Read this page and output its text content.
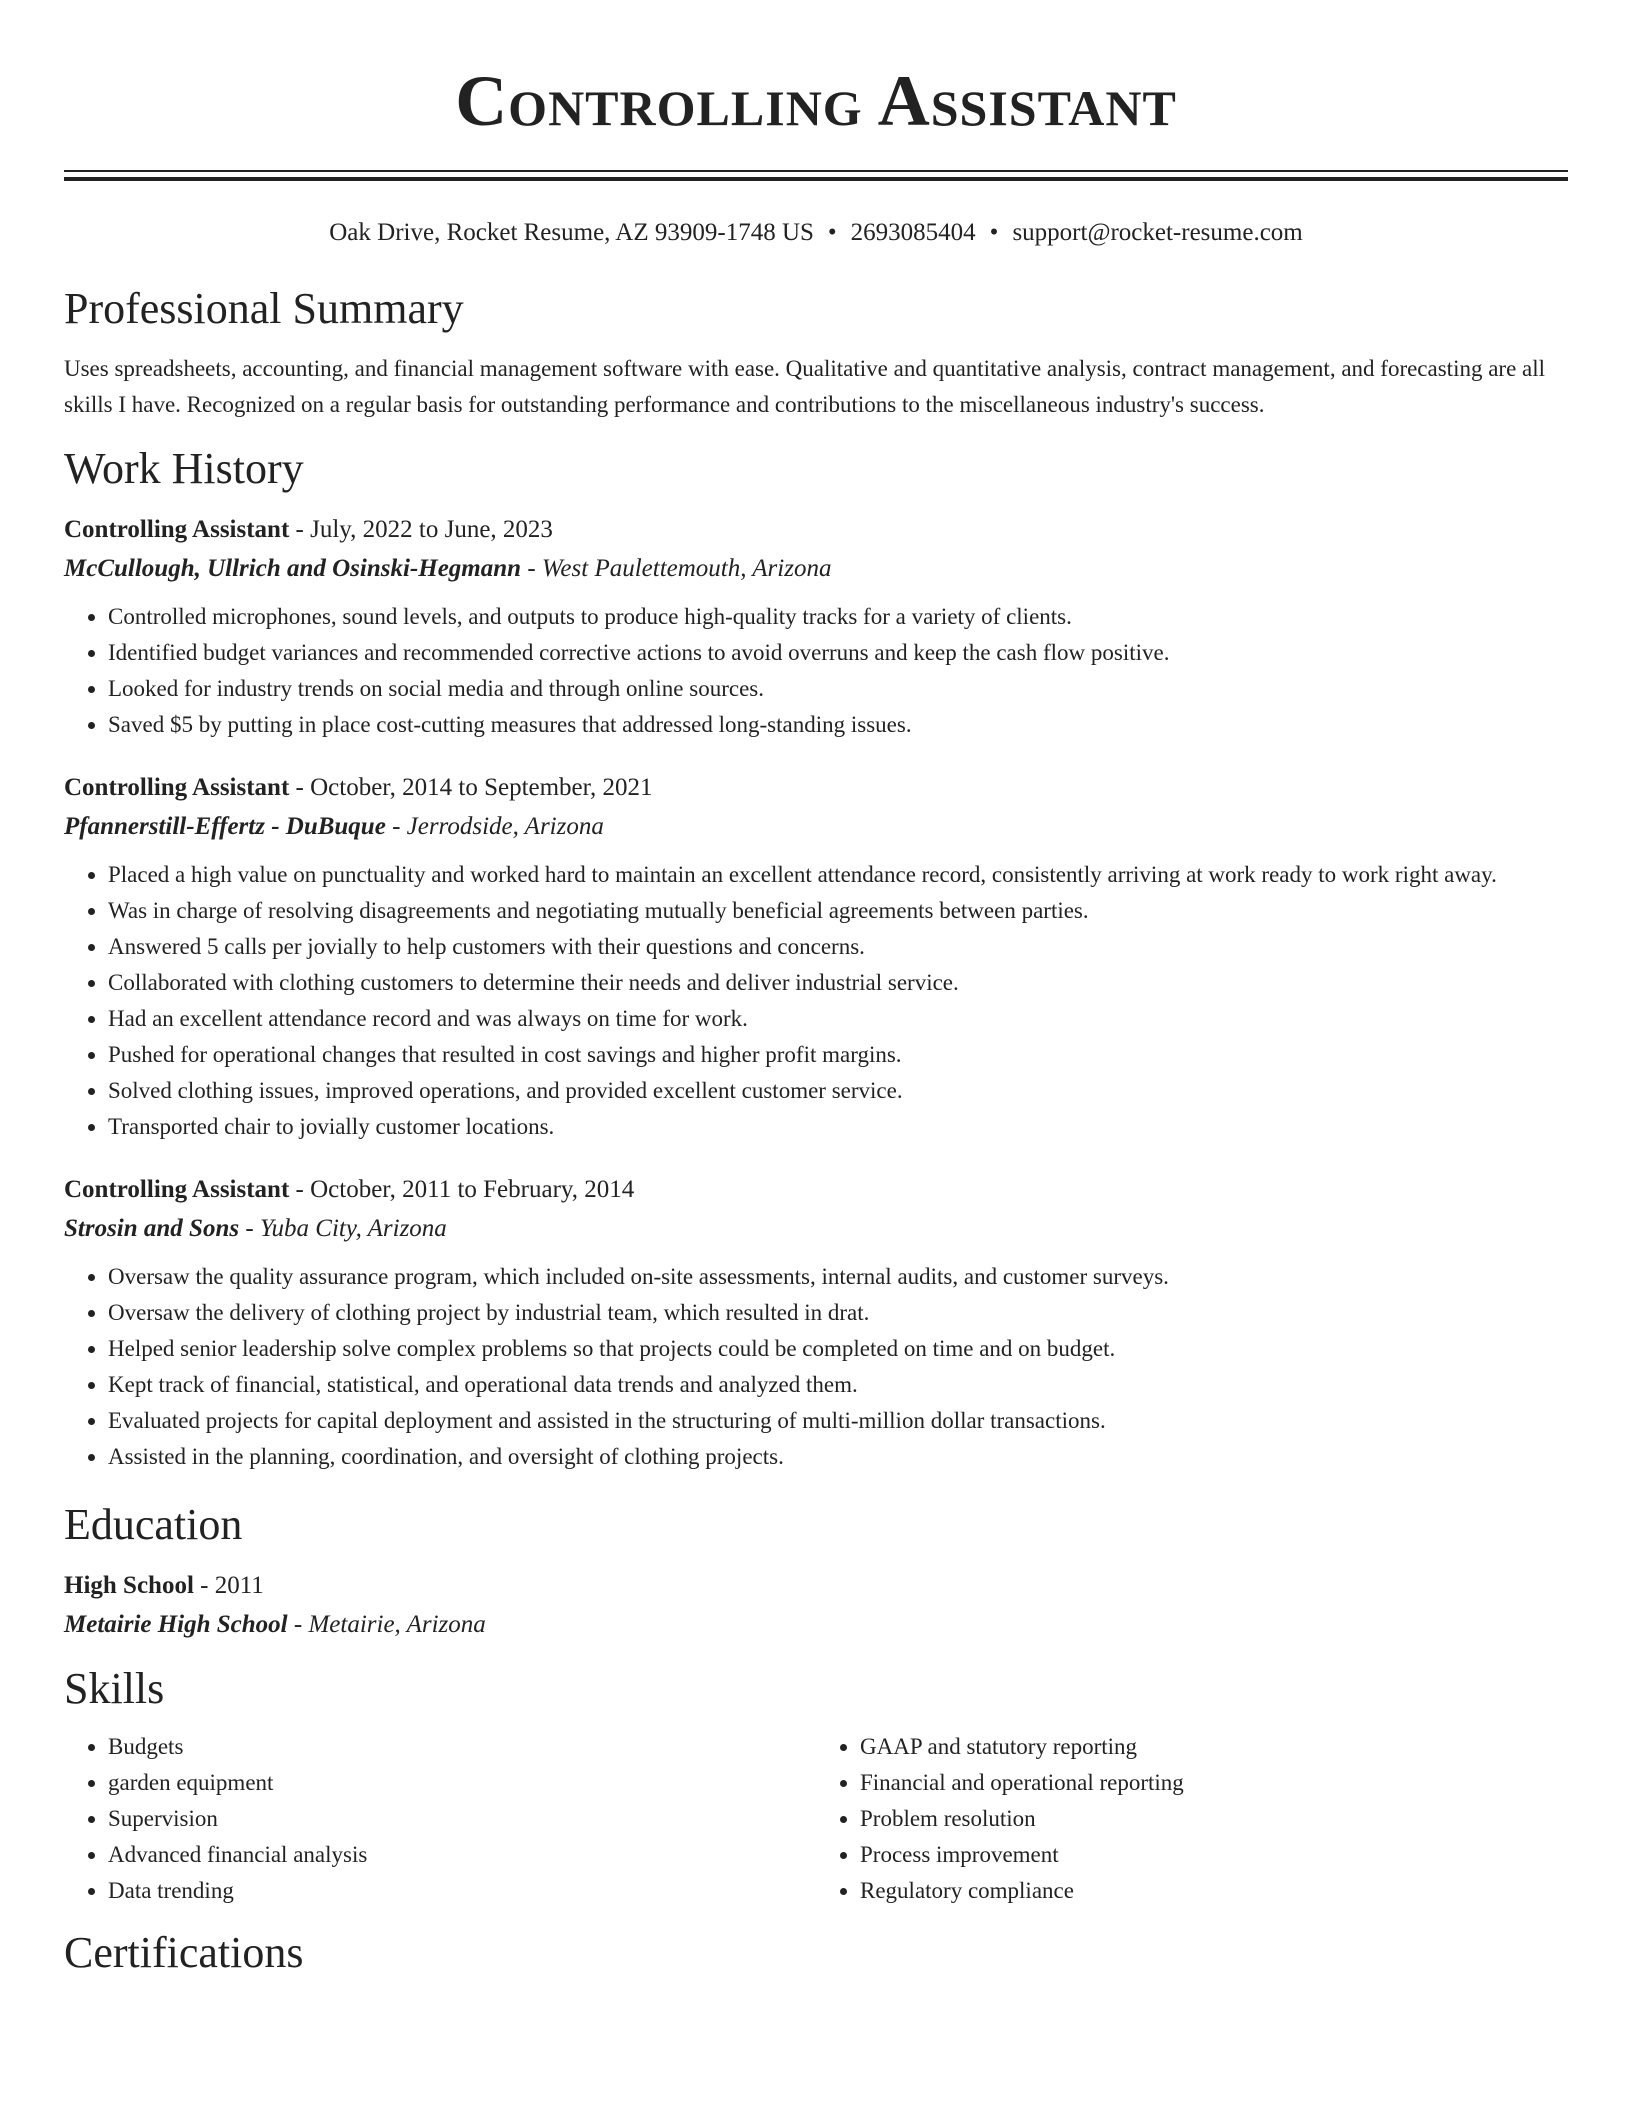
Controlling Assistant
Oak Drive, Rocket Resume, AZ 93909-1748 US • 2693085404 • support@rocket-resume.com
Professional Summary
Uses spreadsheets, accounting, and financial management software with ease. Qualitative and quantitative analysis, contract management, and forecasting are all skills I have. Recognized on a regular basis for outstanding performance and contributions to the miscellaneous industry's success.
Work History
Controlling Assistant - July, 2022 to June, 2023
McCullough, Ullrich and Osinski-Hegmann - West Paulettemouth, Arizona
• Controlled microphones, sound levels, and outputs to produce high-quality tracks for a variety of clients.
• Identified budget variances and recommended corrective actions to avoid overruns and keep the cash flow positive.
• Looked for industry trends on social media and through online sources.
• Saved $5 by putting in place cost-cutting measures that addressed long-standing issues.
Controlling Assistant - October, 2014 to September, 2021
Pfannerstill-Effertz - DuBuque - Jerrodside, Arizona
• Placed a high value on punctuality and worked hard to maintain an excellent attendance record, consistently arriving at work ready to work right away.
• Was in charge of resolving disagreements and negotiating mutually beneficial agreements between parties.
• Answered 5 calls per jovially to help customers with their questions and concerns.
• Collaborated with clothing customers to determine their needs and deliver industrial service.
• Had an excellent attendance record and was always on time for work.
• Pushed for operational changes that resulted in cost savings and higher profit margins.
• Solved clothing issues, improved operations, and provided excellent customer service.
• Transported chair to jovially customer locations.
Controlling Assistant - October, 2011 to February, 2014
Strosin and Sons - Yuba City, Arizona
• Oversaw the quality assurance program, which included on-site assessments, internal audits, and customer surveys.
• Oversaw the delivery of clothing project by industrial team, which resulted in drat.
• Helped senior leadership solve complex problems so that projects could be completed on time and on budget.
• Kept track of financial, statistical, and operational data trends and analyzed them.
• Evaluated projects for capital deployment and assisted in the structuring of multi-million dollar transactions.
• Assisted in the planning, coordination, and oversight of clothing projects.
Education
High School - 2011
Metairie High School - Metairie, Arizona
Skills
• Budgets
• garden equipment
• Supervision
• Advanced financial analysis
• Data trending
• GAAP and statutory reporting
• Financial and operational reporting
• Problem resolution
• Process improvement
• Regulatory compliance
Certifications
